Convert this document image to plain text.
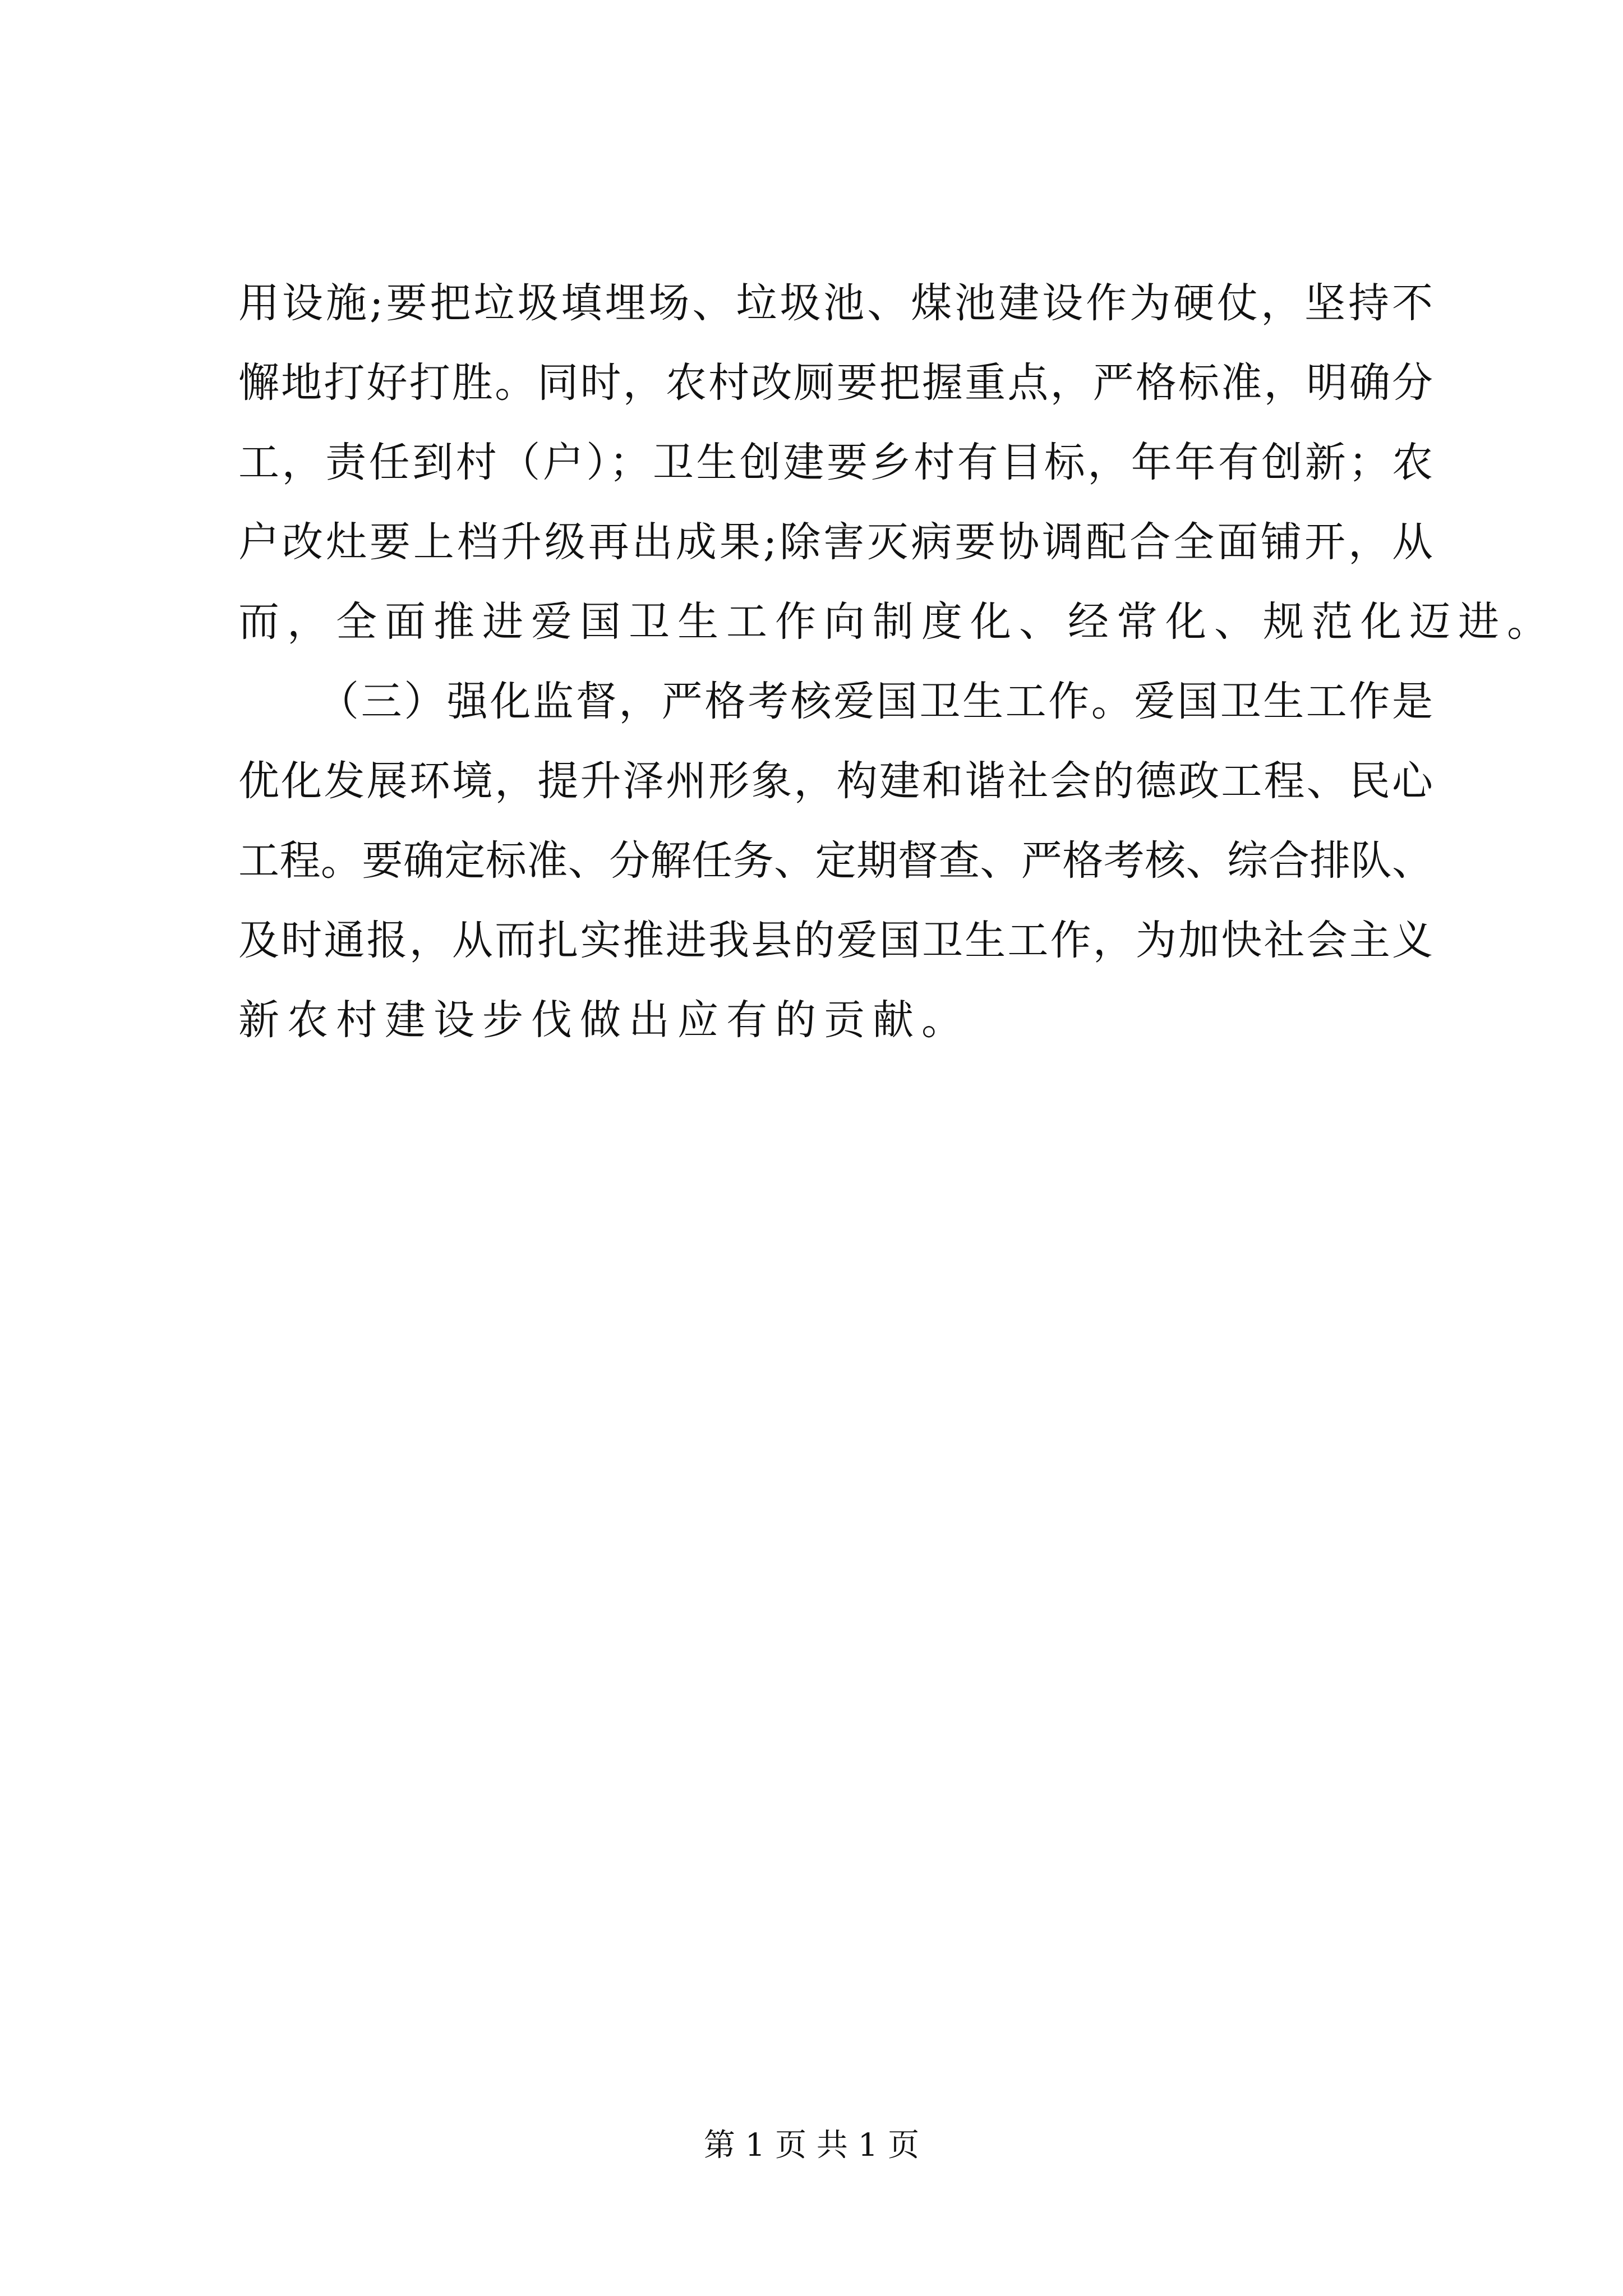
用设施;要把垃圾填埋场、垃圾池、煤池建设作为硬仗，坚持不
懈地打好打胜。同时，农村改厕要把握重点，严格标准，明确分
工，责任到村（户）；卫生创建要乡村有目标，年年有创新；农
户改灶要上档升级再出成果;除害灭病要协调配合全面铺开，从
而，全面推进爱国卫生工作向制度化、经常化、规范化迈进。
（三）强化监督，严格考核爱国卫生工作。爱国卫生工作是
优化发展环境，提升泽州形象，构建和谐社会的德政工程、民心
工程。要确定标准、分解任务、定期督查、严格考核、综合排队、
及时通报，从而扎实推进我县的爱国卫生工作，为加快社会主义
新农村建设步伐做出应有的贡献。
第 1 页 共 1 页
